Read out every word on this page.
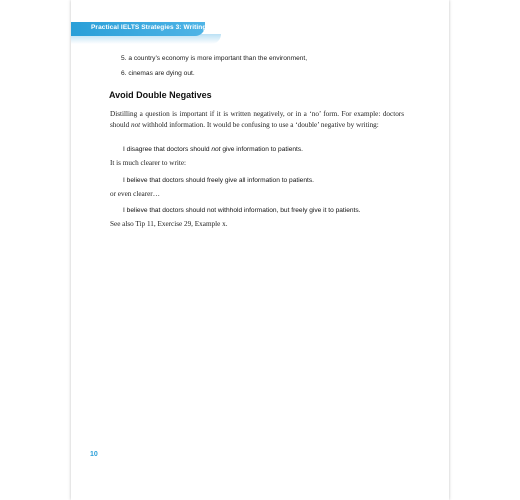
Practical IELTS Strategies 3: Writing
5. a country’s economy is more important than the environment,
6. cinemas are dying out.
Avoid Double Negatives
Distilling a question is important if it is written negatively, or in a ‘no’ form. For example: doctors should not withhold information. It would be confusing to use a ‘double’ negative by writing:
I disagree that doctors should not give information to patients.
It is much clearer to write:
I believe that doctors should freely give all information to patients.
or even clearer…
I believe that doctors should not withhold information, but freely give it to patients.
See also Tip 11, Exercise 29, Example x.
10
